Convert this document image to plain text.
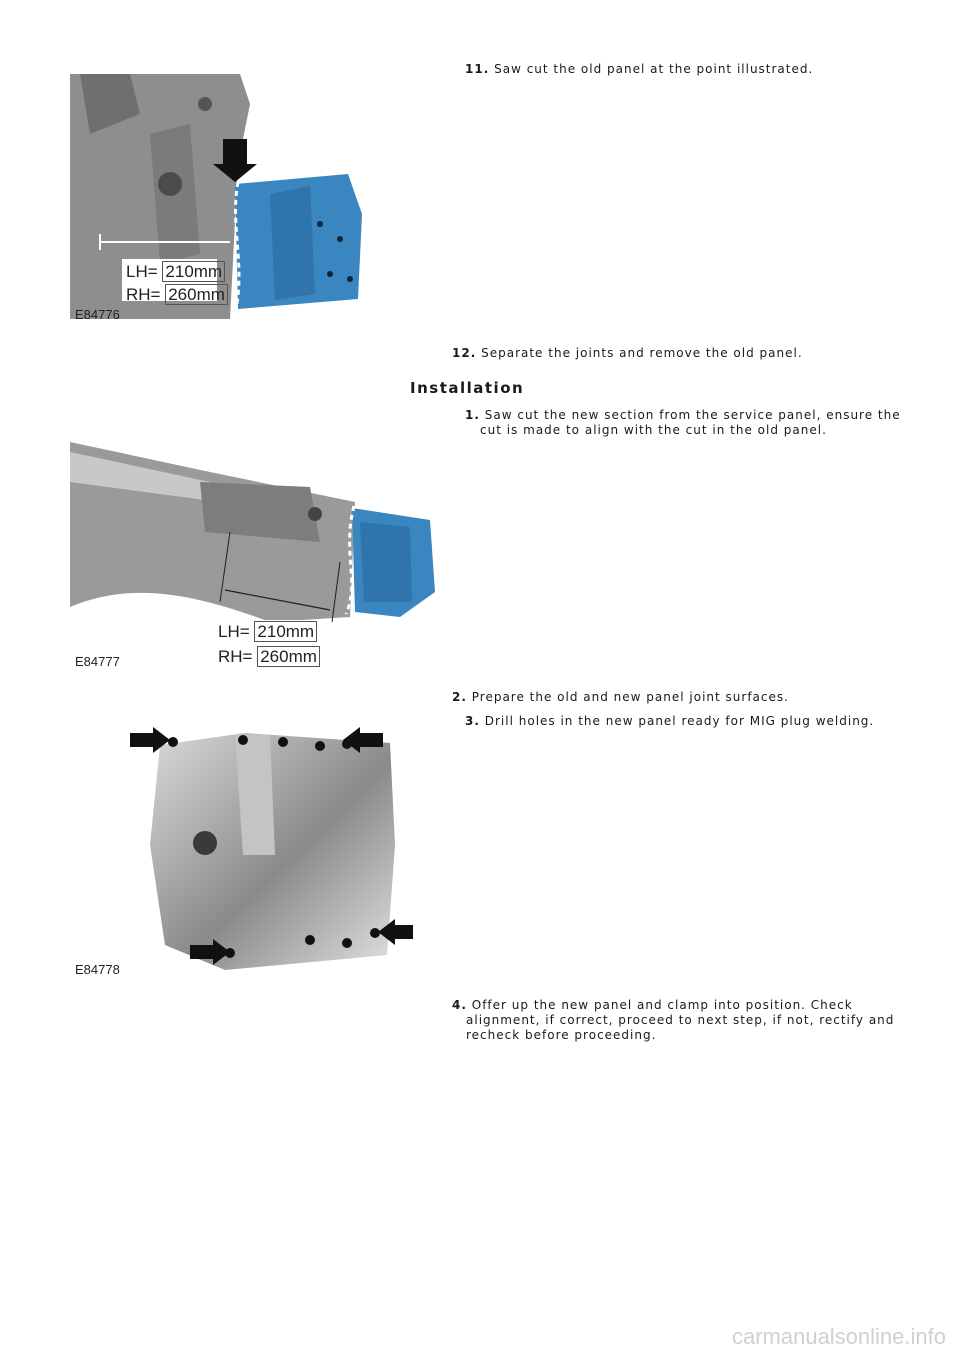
11. Saw cut the old panel at the point illustrated.
LH= 210mm
RH= 260mm
E84776
12. Separate the joints and remove the old panel.
Installation
1. Saw cut the new section from the service panel, ensure the
cut is made to align with the cut in the old panel.
LH= 210mm
RH= 260mm
E84777
2. Prepare the old and new panel joint surfaces.
3. Drill holes in the new panel ready for MIG plug welding.
E84778
4. Offer up the new panel and clamp into position. Check
alignment, if correct, proceed to next step, if not, rectify and
recheck before proceeding.
carmanualsonline.info
